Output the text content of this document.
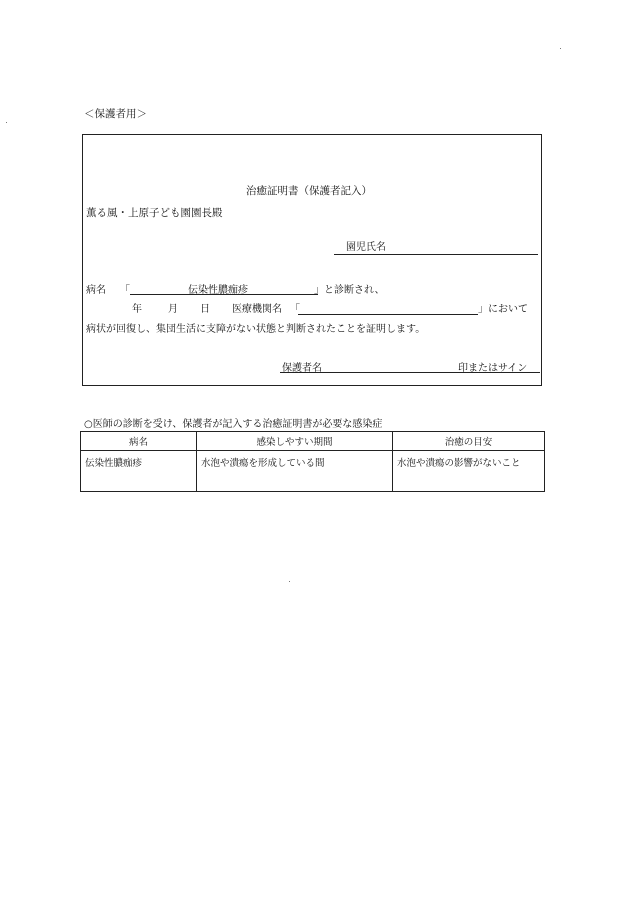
＜保護者用＞
治癒証明書（保護者記入）
薫る風・上原子ども園園長殿
園児氏名
病名 「	伝染性膿痂疹	」と診断され、
年	月 日 医療機関名 「	」において
病状が回復し、集団生活に支障がない状態と判断されたことを証明します。
保護者名	印またはサイン
○医師の診断を受け、保護者が記入する治癒証明書が必要な感染症
病名	感染しやすい期間	治癒の目安
伝染性膿痂疹	水泡や潰瘍を形成している間	水泡や潰瘍の影響がないこと
